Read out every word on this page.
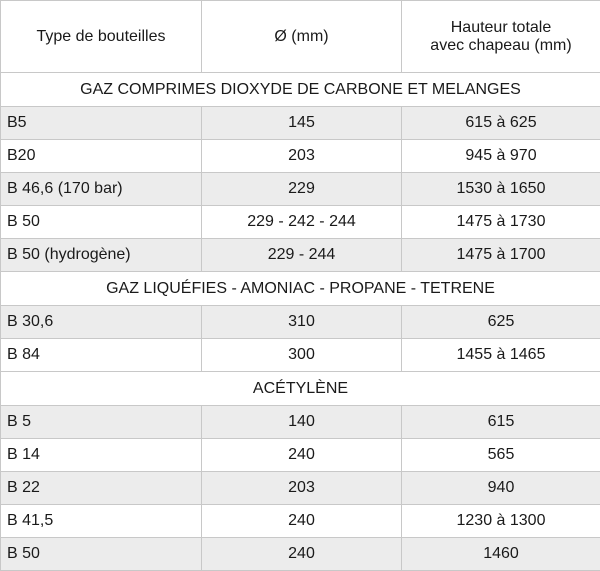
Type de bouteilles	Ø (mm)	Hauteur totale
avec chapeau (mm)

GAZ COMPRIMES DIOXYDE DE CARBONE ET MELANGES		
B5	145	615 à 625
B20	203	945 à 970
B 46,6 (170 bar)	229	1530 à 1650
B 50	229 - 242 - 244	1475 à 1730
B 50 (hydrogène)	229 - 244	1475 à 1700
GAZ LIQUÉFIES - AMONIAC - PROPANE - TETRENE		
B 30,6	310	625
B 84	300	1455 à 1465
ACÉTYLÈNE		
B 5	140	615
B 14	240	565
B 22	203	940
B 41,5	240	1230 à 1300
B 50	240	1460
